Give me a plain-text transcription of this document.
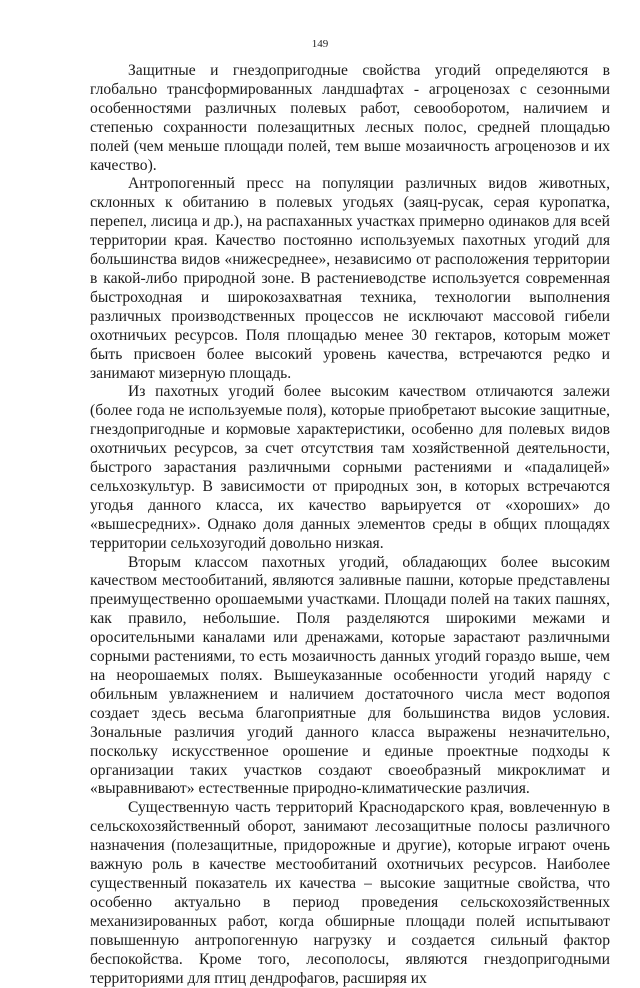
149

Защитные и гнездопригодные свойства угодий определяются в глобально трансформированных ландшафтах - агроценозах с сезонными особенностями различных полевых работ, севооборотом, наличием и степенью сохранности полезащитных лесных полос, средней площадью полей (чем меньше площади полей, тем выше мозаичность агроценозов и их качество).

Антропогенный пресс на популяции различных видов животных, склонных к обитанию в полевых угодьях (заяц-русак, серая куропатка, перепел, лисица и др.), на распаханных участках примерно одинаков для всей территории края. Качество постоянно используемых пахотных угодий для большинства видов «нижесреднее», независимо от расположения территории в какой-либо природной зоне. В растениеводстве используется современная быстроходная и широкозахватная техника, технологии выполнения различных производственных процессов не исключают массовой гибели охотничьих ресурсов. Поля площадью менее 30 гектаров, которым может быть присвоен более высокий уровень качества, встречаются редко и занимают мизерную площадь.

Из пахотных угодий более высоким качеством отличаются залежи (более года не используемые поля), которые приобретают высокие защитные, гнездопригодные и кормовые характеристики, особенно для полевых видов охотничьих ресурсов, за счет отсутствия там хозяйственной деятельности, быстрого зарастания различными сорными растениями и «падалицей» сельхозкультур. В зависимости от природных зон, в которых встречаются угодья данного класса, их качество варьируется от «хороших» до «вышесредних». Однако доля данных элементов среды в общих площадях территории сельхозугодий довольно низкая.

Вторым классом пахотных угодий, обладающих более высоким качеством местообитаний, являются заливные пашни, которые представлены преимущественно орошаемыми участками. Площади полей на таких пашнях, как правило, небольшие. Поля разделяются широкими межами и оросительными каналами или дренажами, которые зарастают различными сорными растениями, то есть мозаичность данных угодий гораздо выше, чем на неорошаемых полях. Вышеуказанные особенности угодий наряду с обильным увлажнением и наличием достаточного числа мест водопоя создает здесь весьма благоприятные для большинства видов условия. Зональные различия угодий данного класса выражены незначительно, поскольку искусственное орошение и единые проектные подходы к организации таких участков создают своеобразный микроклимат и «выравнивают» естественные природно-климатические различия.

Существенную часть территорий Краснодарского края, вовлеченную в сельскохозяйственный оборот, занимают лесозащитные полосы различного назначения (полезащитные, придорожные и другие), которые играют очень важную роль в качестве местообитаний охотничьих ресурсов. Наиболее существенный показатель их качества – высокие защитные свойства, что особенно актуально в период проведения сельскохозяйственных механизированных работ, когда обширные площади полей испытывают повышенную антропогенную нагрузку и создается сильный фактор беспокойства. Кроме того, лесополосы, являются гнездопригодными территориями для птиц дендрофагов, расширяя их
